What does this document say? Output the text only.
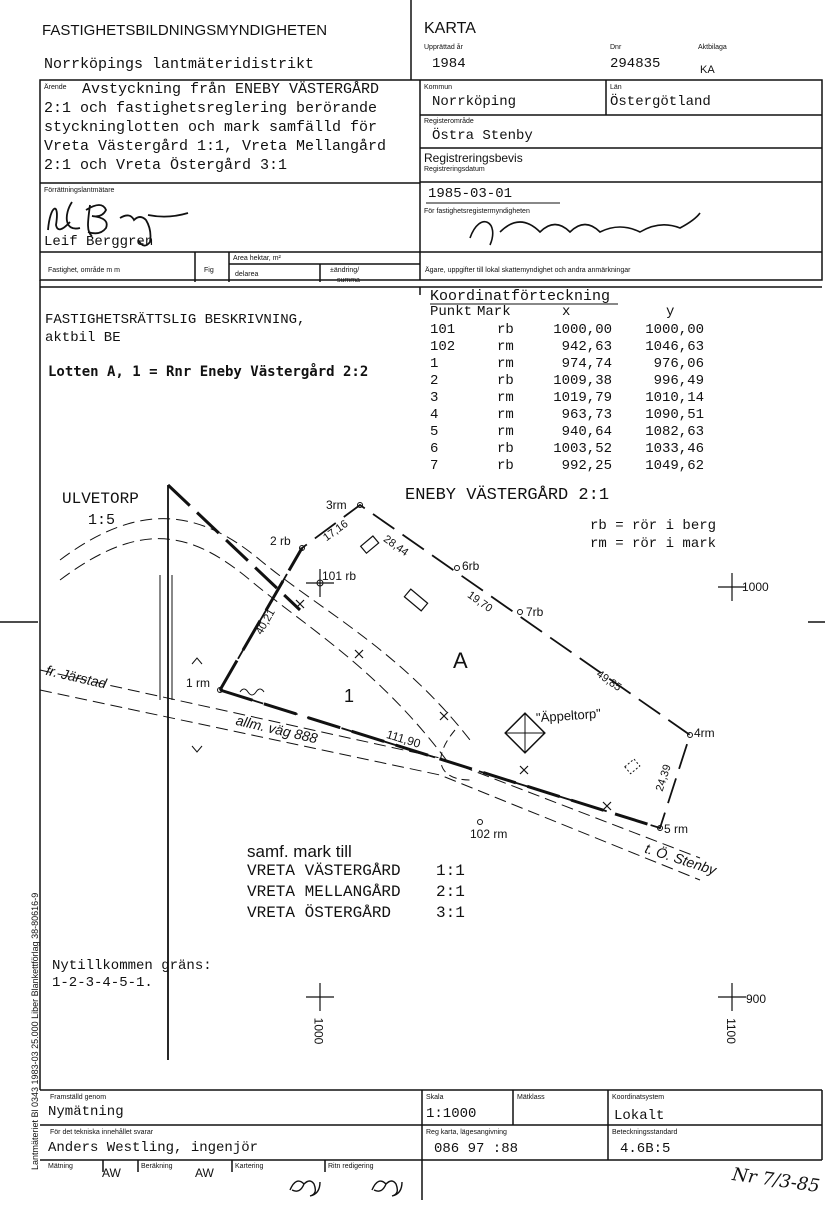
FASTIGHETSBILDNINGSMYNDIGHETEN
Norrköpings lantmäteridistrikt
KARTA
Upprättad år
1984
Dnr
294835
Aktbilaga
KA
Ärende	Avstyckning från ENEBY VÄSTERGÅRD
2:1 och fastighetsreglering berörande
styckninglotten och mark samfälld för
Vreta Västergård 1:1, Vreta Mellangård
2:1 och Vreta Östergård 3:1
Kommun
Norrköping
Län
Östergötland
Registerområde
Östra Stenby
Registreringsbevis
Registreringsdatum
1985-03-01
För fastighetsregistermyndigheten
Förrättningslantmätare
Leif Berggren
Fastighet, område m m	Fig
Area hektar, m²
delarea
±ändring/
summa
Ägare, uppgifter till lokal skattemyndighet och andra anmärkningar
FASTIGHETSRÄTTSLIG BESKRIVNING,
aktbil BE
Lotten A, 1 = Rnr Eneby Västergård 2:2
Koordinatförteckning
Punkt Mark	x	y
101	rb	1000,00	1000,00
102	rm	942,63	1046,63
1	rm	974,74	976,06
2	rb	1009,38	996,49
3	rm	1019,79	1010,14
4	rm	963,73	1090,51
5	rm	940,64	1082,63
6	rb	1003,52	1033,46
7	rb	992,25	1049,62
ULVETORP
1:5
ENEBY VÄSTERGÅRD 2:1
rb = rör i berg
rm = rör i mark
A
1
"Äppeltorp"
fr. Järstad
allm. väg 888
t. Ö. Stenby
1 rm
2 rb
3rm
4rm
5 rm
6rb
7rb
101 rb
102 rm
17,16
28,44
19,70
49,85
24,39
111,90
40,21
1000
900
1000	1100
samf. mark till
VRETA VÄSTERGÅRD 1:1
VRETA MELLANGÅRD 2:1
VRETA ÖSTERGÅRD	3:1
Nytillkommen gräns:
1-2-3-4-5-1.
Framställd genom
Nymätning
Skala
1:1000
Mätklass	Koordinatsystem
Lokalt
För det tekniska innehållet svarar
Anders Westling, ingenjör
Reg karta, lägesangivning
086 97 :88
Beteckningsstandard
4.6B:5
Mätning AW	Beräkning AW	Kartering	Ritn redigering	Nr 7/3-85
Lantmäteriet Bl 0343 1983-03 25.000 Liber Blankettförlag 38-80616-9
